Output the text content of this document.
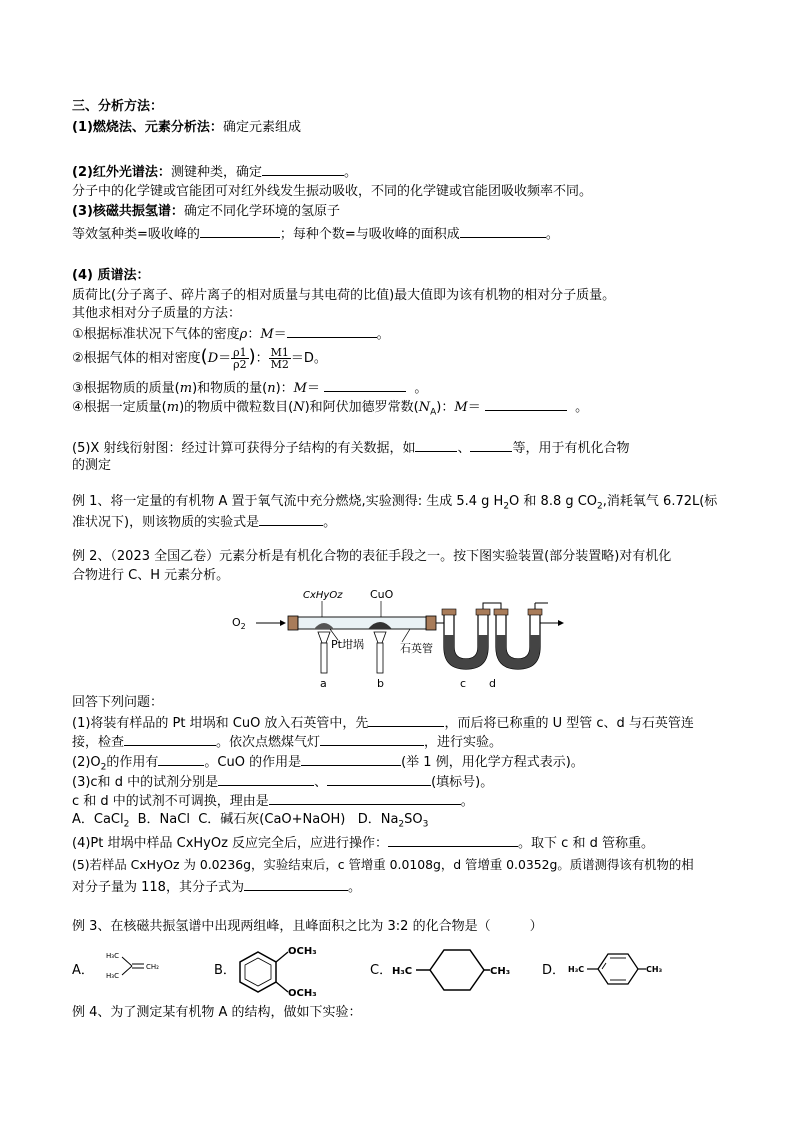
三、分析方法：
(1)燃烧法、元素分析法：确定元素组成
(2)红外光谱法：测键种类，确定	。
分子中的化学键或官能团可对红外线发生振动吸收，不同的化学键或官能团吸收频率不同。
(3)核磁共振氢谱：确定不同化学环境的氢原子
等效氢种类=吸收峰的	；每种个数=与吸收峰的面积成	。
(4) 质谱法：
质荷比(分子离子、碎片离子的相对质量与其电荷的比值)最大值即为该有机物的相对分子质量。
其他求相对分子质量的方法：
①根据标准状况下气体的密度ρ：M＝	。
②根据气体的相对密度($D= \frac{\rho 1}{\rho 2}$ )： $\frac{M1}{M2} =D$。
③根据物质的质量(m)和物质的量(n)：M＝	。
④根据一定质量(m)的物质中微粒数目(N)和阿伏加德罗常数$(N_A)$：M＝	。
(5)X 射线衍射图：经过计算可获得分子结构的有关数据，如	、	等，用于有机化合物
的测定
例 1、将一定量的有机物 A 置于氧气流中充分燃烧,实验测得: 生成 5.4 g $H_2O$ 和 8.8 g $CO_2$,消耗氧气 6.72L(标
准状况下)，则该物质的实验式是	。
例 2、（2023 全国乙卷）元素分析是有机化合物的表征手段之一。按下图实验装置(部分装置略)对有机化
合物进行 C、H 元素分析。
$O_2$
CxHyOz	CuO
Pt坩埚	石英管
a	b	c d
回答下列问题：
(1)将装有样品的 Pt 坩埚和 CuO 放入石英管中，先	，而后将已称重的 U 型管 c、d 与石英管连
接，检查	。依次点燃煤气灯	，进行实验。
$(2)O_2$的作用有	。CuO 的作用是	(举 1 例，用化学方程式表示)。
(3)c和 d 中的试剂分别是	、	(填标号)。
c 和 d 中的试剂不可调换，理由是	。
A．CaCl$_2$ B．NaCl C．碱石灰(CaO+NaOH) D．$Na_2SO_3$
(4)Pt 坩埚中样品 CxHyOz 反应完全后，应进行操作：	。取下 c 和 d 管称重。
(5)若样品 CxHyOz 为 0.0236g，实验结束后，c 管增重 0.0108g，d 管增重 0.0352g。质谱测得该有机物的相
对分子量为 118，其分子式为	。
例 3、在核磁共振氢谱中出现两组峰，且峰面积之比为 3:2 的化合物是（　　　）
A．
H₃C
H₃C
CH₂	B．
OCH₃
OCH₃
C． H₃C	CH₃ D． H₃C	CH₃
例 4、为了测定某有机物 A 的结构，做如下实验：
